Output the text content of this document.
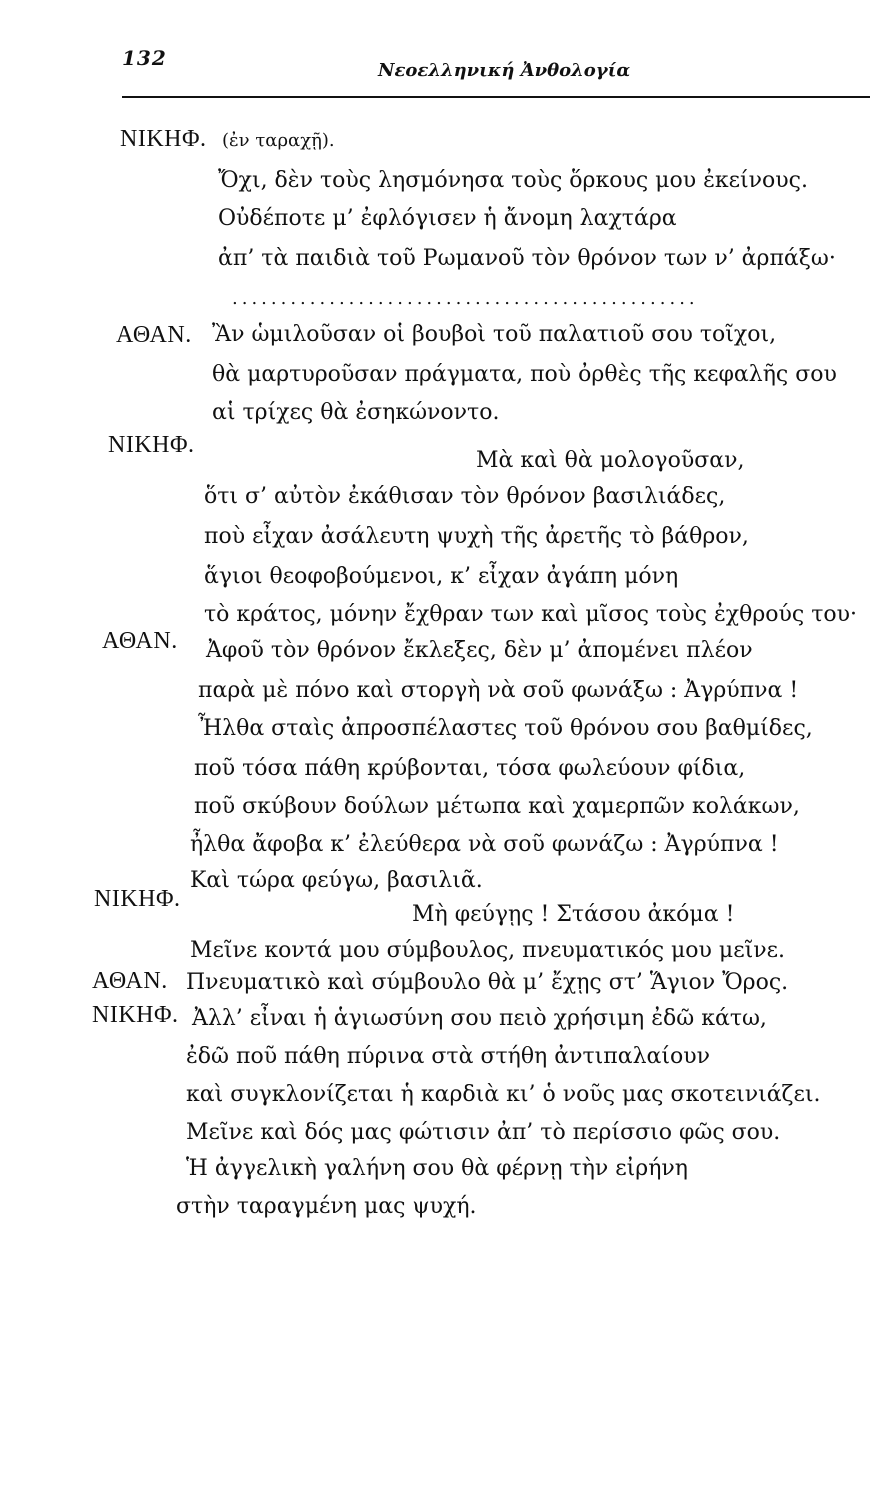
132
Νεοελληνική Ἀνθολογία
ΝΙΚΗΦ. (ἐν ταραχῇ).
Ὄχι, δὲν τοὺς λησμόνησα τοὺς ὅρκους μου ἐκείνους.
Οὐδέποτε μ’ ἐφλόγισεν ἡ ἄνομη λαχτάρα
ἀπ’ τὰ παιδιὰ τοῦ Ρωμανοῦ τὸν θρόνον των ν’ ἀρπάξω·
................................................
ΑΘΑΝ. Ἂν ὡμιλοῦσαν οἱ βουβοὶ τοῦ παλατιοῦ σου τοῖχοι,
θὰ μαρτυροῦσαν πράγματα, ποὺ ὀρθὲς τῆς κεφαλῆς σου
αἱ τρίχες θὰ ἐσηκώνοντο.
ΝΙΚΗΦ.
Μὰ καὶ θὰ μολογοῦσαν,
ὅτι σ’ αὐτὸν ἐκάθισαν τὸν θρόνον βασιλιάδες,
ποὺ εἶχαν ἀσάλευτη ψυχὴ τῆς ἀρετῆς τὸ βάθρον,
ἅγιοι θεοφοβούμενοι, κ’ εἶχαν ἀγάπη μόνη
τὸ κράτος, μόνην ἔχθραν των καὶ μῖσος τοὺς ἐχθρούς του·
ΑΘΑΝ. Ἀφοῦ τὸν θρόνον ἔκλεξες, δὲν μ’ ἀπομένει πλέον
παρὰ μὲ πόνο καὶ στοργὴ νὰ σοῦ φωνάξω : Ἀγρύπνα !
Ἦλθα σταὶς ἀπροσπέλαστες τοῦ θρόνου σου βαθμίδες,
ποῦ τόσα πάθη κρύβονται, τόσα φωλεύουν φίδια,
ποῦ σκύβουν δούλων μέτωπα καὶ χαμερπῶν κολάκων,
ἦλθα ἄφοβα κ’ ἐλεύθερα νὰ σοῦ φωνάζω : Ἀγρύπνα !
Καὶ τώρα φεύγω, βασιλιᾶ.
ΝΙΚΗΦ.
Μὴ φεύγῃς ! Στάσου ἀκόμα !
Μεῖνε κοντά μου σύμβουλος, πνευματικός μου μεῖνε.
ΑΘΑΝ. Πνευματικὸ καὶ σύμβουλο θὰ μ’ ἔχῃς στ’ Ἅγιον Ὄρος.
ΝΙΚΗΦ. Ἀλλ’ εἶναι ἡ ἁγιωσύνη σου πειὸ χρήσιμη ἐδῶ κάτω,
ἐδῶ ποῦ πάθη πύρινα στὰ στήθη ἀντιπαλαίουν
καὶ συγκλονίζεται ἡ καρδιὰ κι’ ὁ νοῦς μας σκοτεινιάζει.
Μεῖνε καὶ δός μας φώτισιν ἀπ’ τὸ περίσσιο φῶς σου.
Ἡ ἀγγελικὴ γαλήνη σου θὰ φέρνῃ τὴν εἰρήνη
στὴν ταραγμένη μας ψυχή.
